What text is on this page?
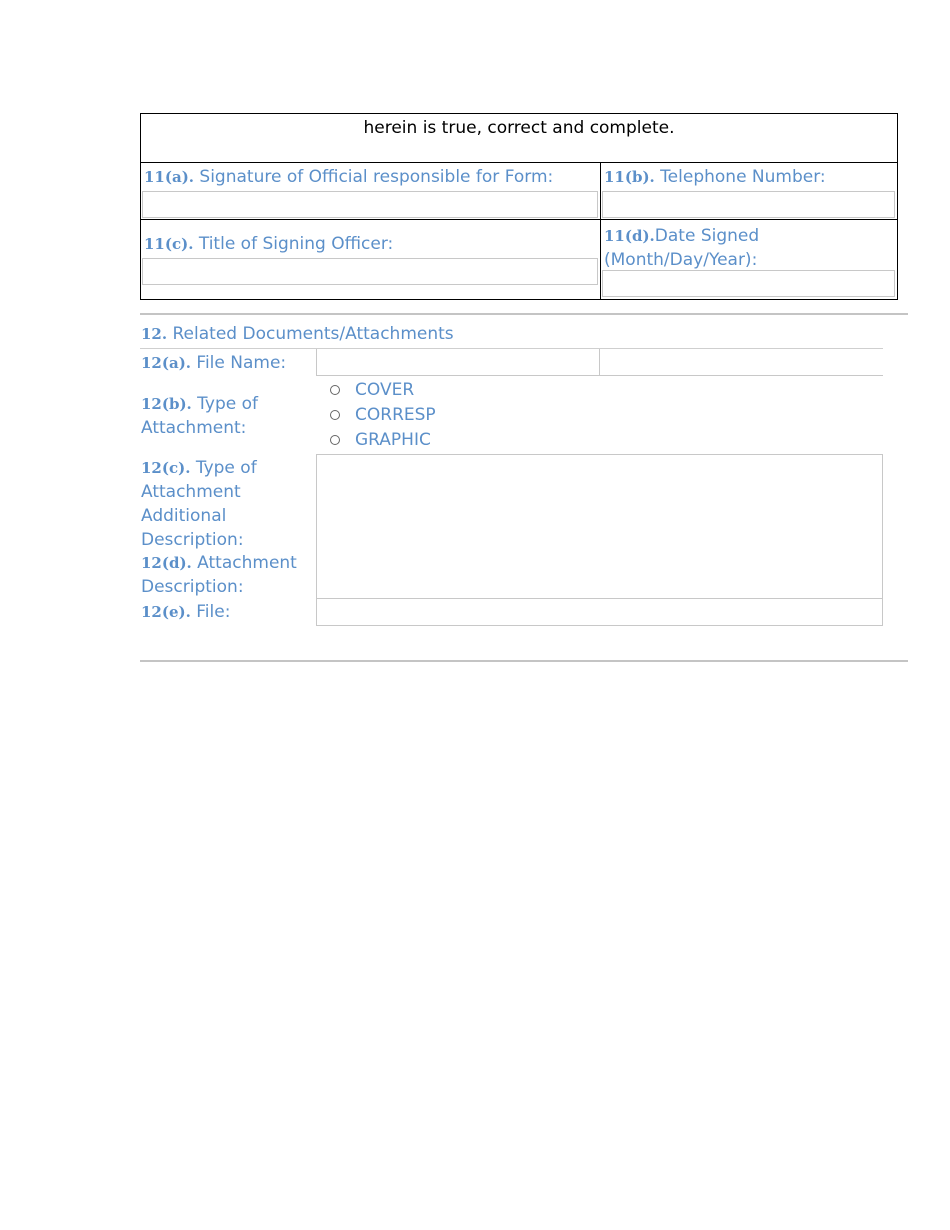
herein is true, correct and complete.
11(a). Signature of Official responsible for Form:	11(b). Telephone Number:
11(c). Title of Signing Officer:	11(d).Date Signed (Month/Day/Year):
12. Related Documents/Attachments
12(a). File Name:
12(b). Type of Attachment:
COVER
CORRESP
GRAPHIC
12(c). Type of Attachment Additional Description:
12(d). Attachment Description:
12(e). File:
